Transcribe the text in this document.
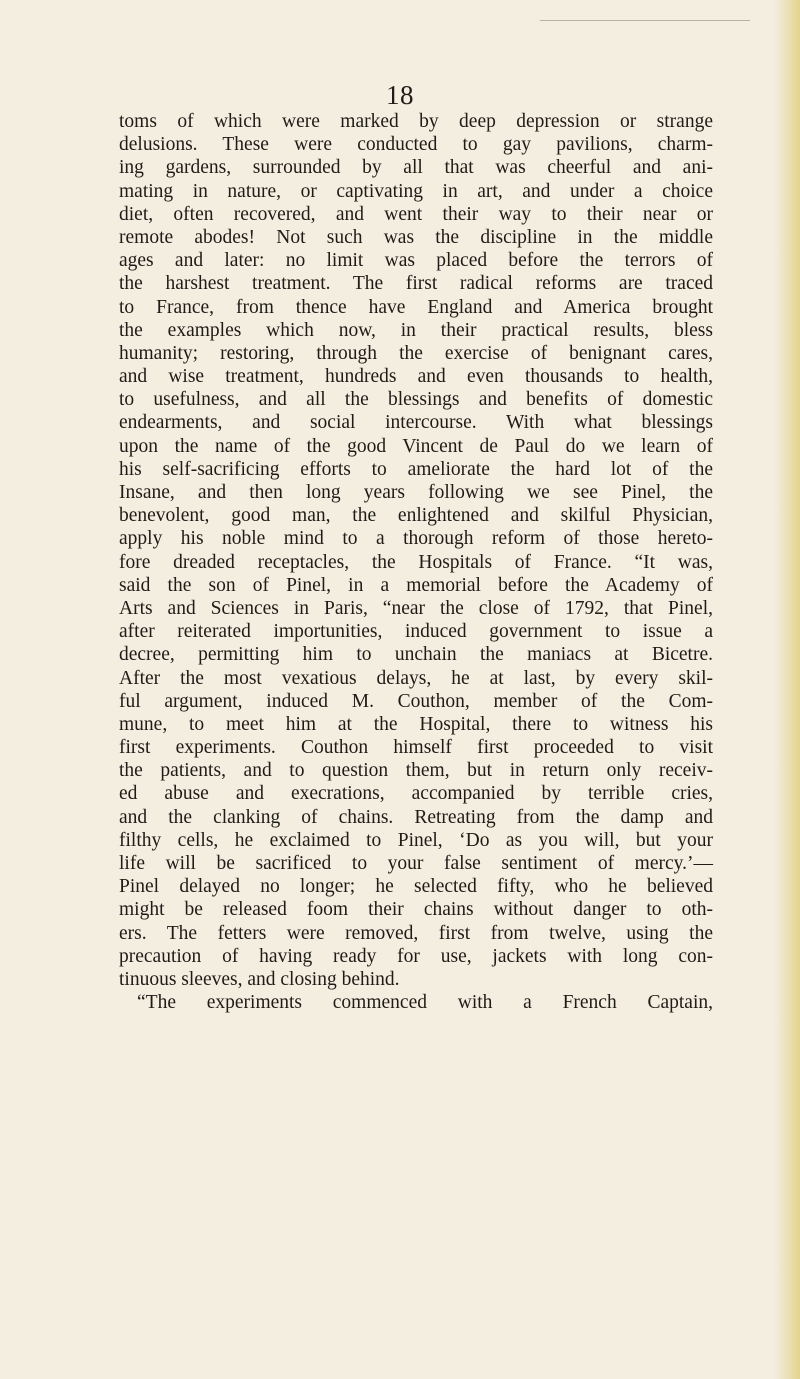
18
toms of which were marked by deep depression or strange
delusions. These were conducted to gay pavilions, charm-
ing gardens, surrounded by all that was cheerful and ani-
mating in nature, or captivating in art, and under a choice
diet, often recovered, and went their way to their near or
remote abodes! Not such was the discipline in the middle
ages and later: no limit was placed before the terrors of
the harshest treatment. The first radical reforms are traced
to France, from thence have England and America brought
the examples which now, in their practical results, bless
humanity; restoring, through the exercise of benignant cares,
and wise treatment, hundreds and even thousands to health,
to usefulness, and all the blessings and benefits of domestic
endearments, and social intercourse. With what blessings
upon the name of the good Vincent de Paul do we learn of
his self-sacrificing efforts to ameliorate the hard lot of the
Insane, and then long years following we see Pinel, the
benevolent, good man, the enlightened and skilful Physician,
apply his noble mind to a thorough reform of those hereto-
fore dreaded receptacles, the Hospitals of France. “It was,
said the son of Pinel, in a memorial before the Academy of
Arts and Sciences in Paris, “near the close of 1792, that Pinel,
after reiterated importunities, induced government to issue a
decree, permitting him to unchain the maniacs at Bicetre.
After the most vexatious delays, he at last, by every skil-
ful argument, induced M. Couthon, member of the Com-
mune, to meet him at the Hospital, there to witness his
first experiments. Couthon himself first proceeded to visit
the patients, and to question them, but in return only receiv-
ed abuse and execrations, accompanied by terrible cries,
and the clanking of chains. Retreating from the damp and
filthy cells, he exclaimed to Pinel, ‘Do as you will, but your
life will be sacrificed to your false sentiment of mercy.’—
Pinel delayed no longer; he selected fifty, who he believed
might be released foom their chains without danger to oth-
ers. The fetters were removed, first from twelve, using the
precaution of having ready for use, jackets with long con-
tinuous sleeves, and closing behind.
“The experiments commenced with a French Captain,
